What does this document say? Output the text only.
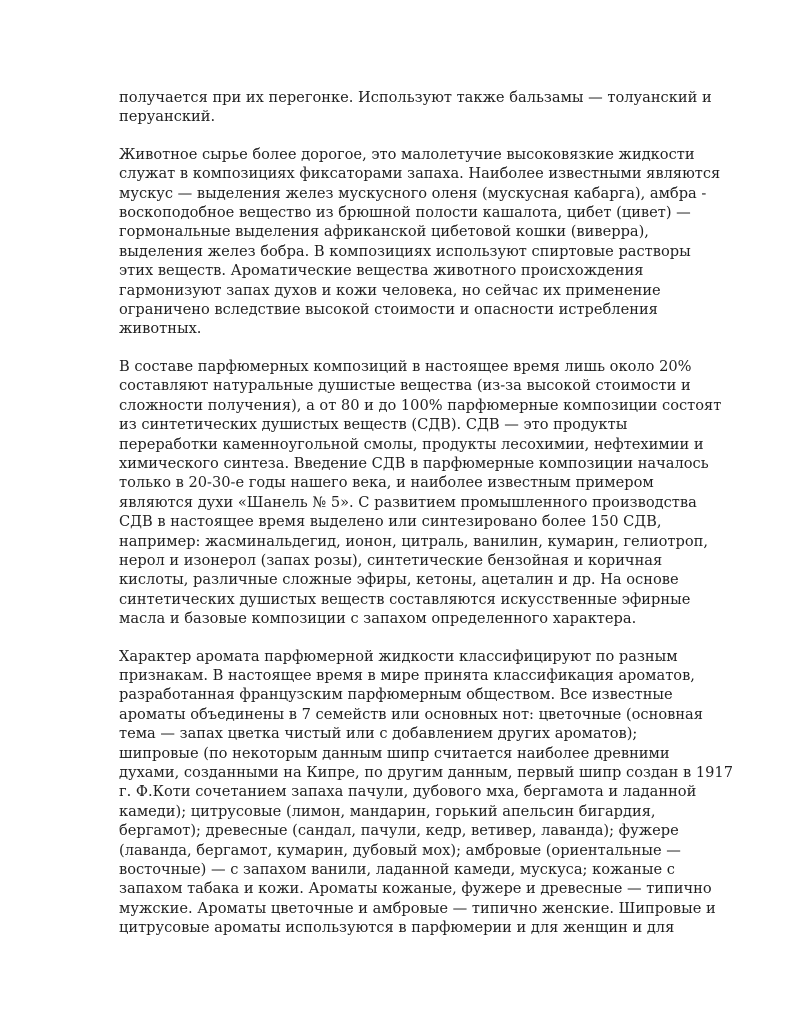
получается при их перегонке. Используют также бальзамы — толуанский и
перуанский.

Животное сырье более дорогое, это малолетучие высоковязкие жидкости
служат в композициях фиксаторами запаха. Наиболее известными являются
мускус — выделения желез мускусного оленя (мускусная кабарга), амбра -
воскоподобное вещество из брюшной полости кашалота, цибет (цивет) —
гормональные выделения африканской цибетовой кошки (виверра),
выделения желез бобра. В композициях используют спиртовые растворы
этих веществ. Ароматические вещества животного происхождения
гармонизуют запах духов и кожи человека, но сейчас их применение
ограничено вследствие высокой стоимости и опасности истребления
животных.

В составе парфюмерных композиций в настоящее время лишь около 20%
составляют натуральные душистые вещества (из-за высокой стоимости и
сложности получения), а от 80 и до 100% парфюмерные композиции состоят
из синтетических душистых веществ (СДВ). СДВ — это продукты
переработки каменноугольной смолы, продукты лесохимии, нефтехимии и
химического синтеза. Введение СДВ в парфюмерные композиции началось
только в 20-30-е годы нашего века, и наиболее известным примером
являются духи «Шанель № 5». С развитием промышленного производства
СДВ в настоящее время выделено или синтезировано более 150 СДВ,
например: жасминальдегид, ионон, цитраль, ванилин, кумарин, гелиотроп,
нерол и изонерол (запах розы), синтетические бензойная и коричная
кислоты, различные сложные эфиры, кетоны, ацеталин и др. На основе
синтетических душистых веществ составляются искусственные эфирные
масла и базовые композиции с запахом определенного характера.

Характер аромата парфюмерной жидкости классифицируют по разным
признакам. В настоящее время в мире принята классификация ароматов,
разработанная французским парфюмерным обществом. Все известные
ароматы объединены в 7 семейств или основных нот: цветочные (основная
тема — запах цветка чистый или с добавлением других ароматов);
шипровые (по некоторым данным шипр считается наиболее древними
духами, созданными на Кипре, по другим данным, первый шипр создан в 1917
г. Ф.Коти сочетанием запаха пачули, дубового мха, бергамота и ладанной
камеди); цитрусовые (лимон, мандарин, горький апельсин бигардия,
бергамот); древесные (сандал, пачули, кедр, ветивер, лаванда); фужере
(лаванда, бергамот, кумарин, дубовый мох); амбровые (ориентальные —
восточные) — с запахом ванили, ладанной камеди, мускуса; кожаные с
запахом табака и кожи. Ароматы кожаные, фужере и древесные — типично
мужские. Ароматы цветочные и амбровые — типично женские. Шипровые и
цитрусовые ароматы используются в парфюмерии и для женщин и для
